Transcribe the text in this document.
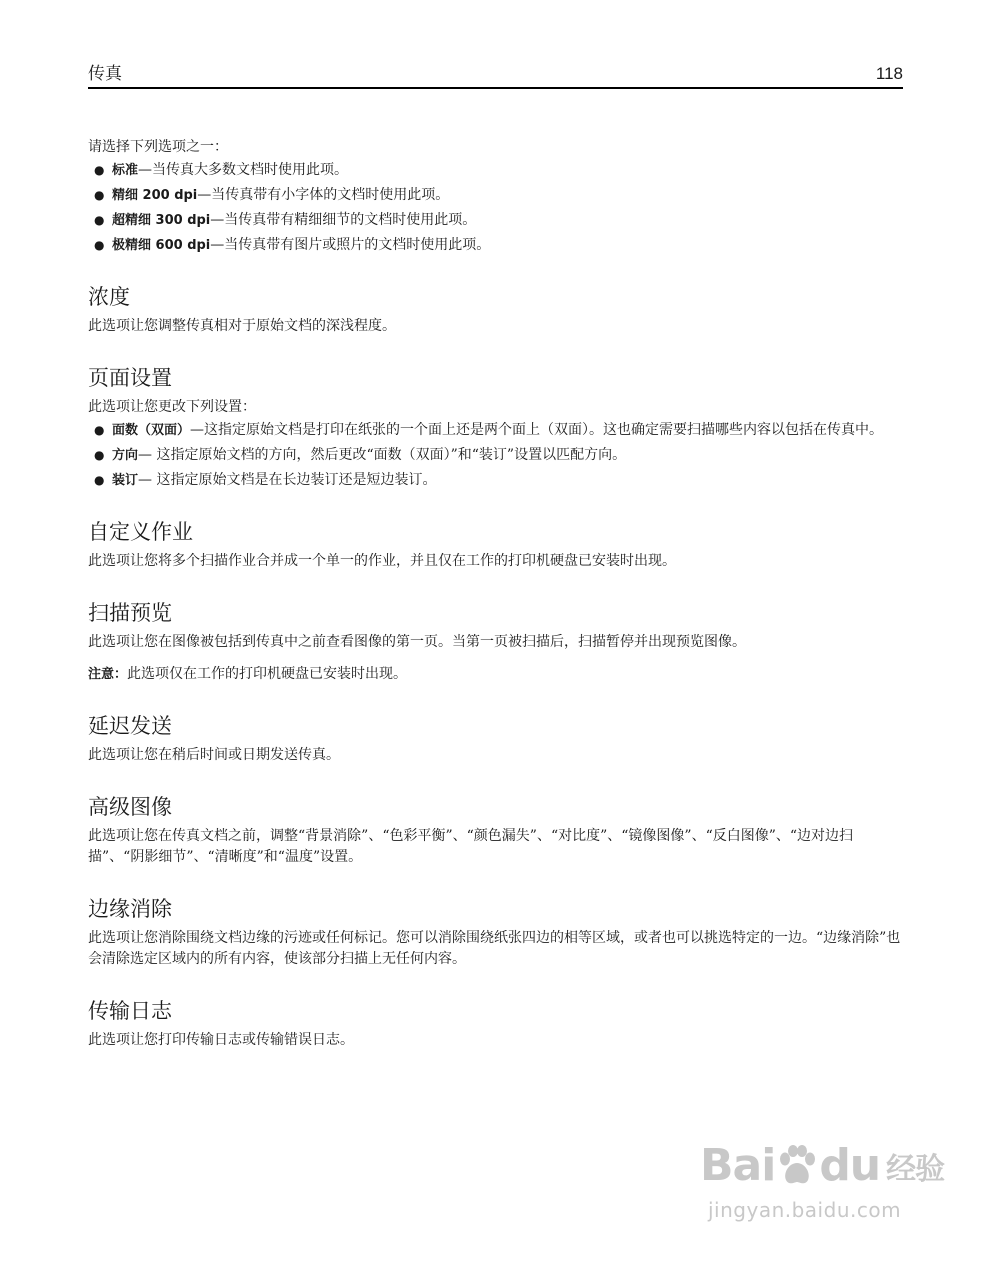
传真	118

请选择下列选项之一：

● 标准—当传真大多数文档时使用此项。
● 精细 200 dpi—当传真带有小字体的文档时使用此项。
● 超精细 300 dpi—当传真带有精细细节的文档时使用此项。
● 极精细 600 dpi—当传真带有图片或照片的文档时使用此项。
浓度

此选项让您调整传真相对于原始文档的深浅程度。

页面设置

此选项让您更改下列设置：

● 面数（双面）—这指定原始文档是打印在纸张的一个面上还是两个面上（双面）。这也确定需要扫描哪些内容以包括在传真中。
● 方向— 这指定原始文档的方向，然后更改“面数（双面）”和“装订”设置以匹配方向。
● 装订— 这指定原始文档是在长边装订还是短边装订。
自定义作业

此选项让您将多个扫描作业合并成一个单一的作业，并且仅在工作的打印机硬盘已安装时出现。

扫描预览

此选项让您在图像被包括到传真中之前查看图像的第一页。当第一页被扫描后，扫描暂停并出现预览图像。

注意：此选项仅在工作的打印机硬盘已安装时出现。

延迟发送

此选项让您在稍后时间或日期发送传真。

高级图像

此选项让您在传真文档之前，调整“背景消除”、“色彩平衡”、“颜色漏失”、“对比度”、“镜像图像”、“反白图像”、“边对边扫描”、“阴影细节”、“清晰度”和“温度”设置。

边缘消除

此选项让您消除围绕文档边缘的污迹或任何标记。您可以消除围绕纸张四边的相等区域，或者也可以挑选特定的一边。“边缘消除”也会清除选定区域内的所有内容，使该部分扫描上无任何内容。

传输日志

此选项让您打印传输日志或传输错误日志。

Bai du 经验
jingyan.baidu.com
